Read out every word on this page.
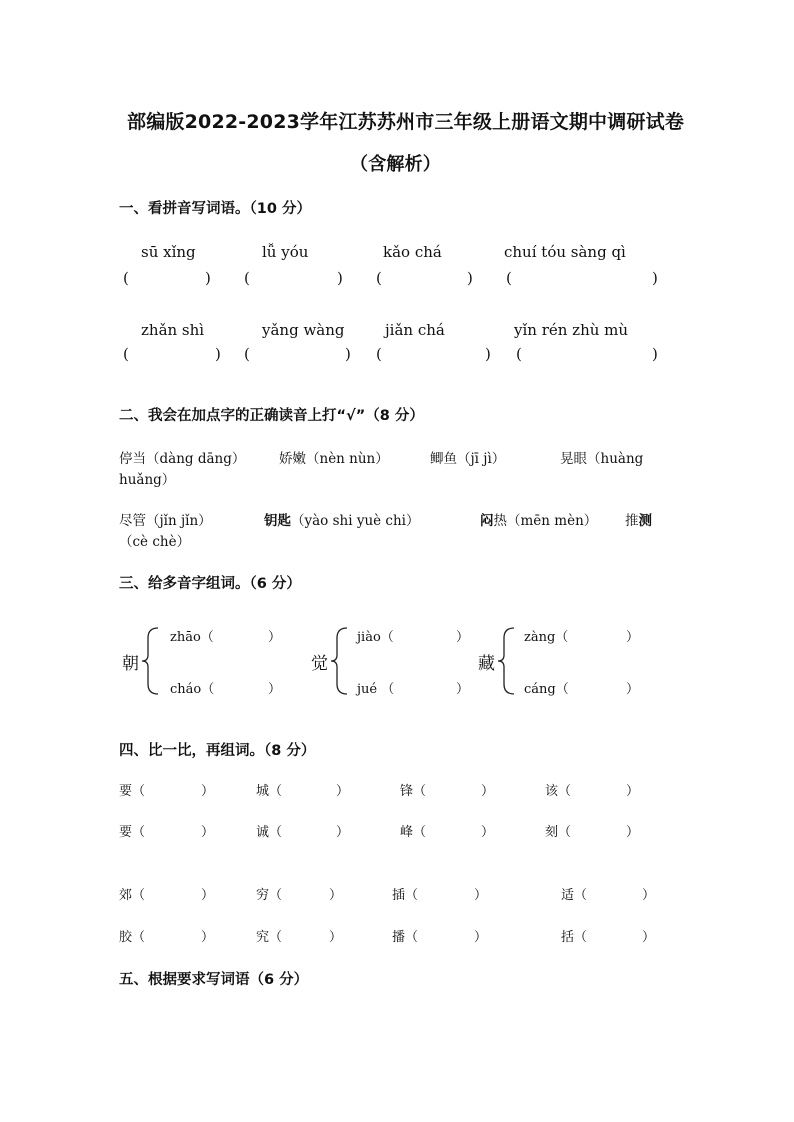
部编版2022-2023学年江苏苏州市三年级上册语文期中调研试卷
（含解析）
一、看拼音写词语。（10 分）
sū xǐng	lǚ yóu	kǎo chá	chuí tóu sàng qì
(	) (	) (	) (	)
zhǎn shì	yǎng wàng	jiǎn chá	yǐn rén zhù mù
(	) (	) (	) (	)
二、我会在加点字的正确读音上打“√”（8 分）
停当（dàng dāng） 娇嫩（nèn nùn）	鲫鱼（jī jì）	晃眼（huàng
huǎng）
尽管（jǐn jǐn）	钥匙（yào shi yuè chi）	闷热（mēn mèn） 推测
（cè chè）
三、给多音字组词。（6 分）
朝
zhāo（	）
cháo（	）
觉
jiào（	）
jué （	）
藏
zàng（	）
cáng（	）
四、比一比，再组词。（8 分）
要（	）	城（	）	锋（	）	该（	）
要（	）	诚（	）	峰（	）	刻（	）
郊（	）	穷（	）	插（	）	适（	）
胶（	）	究（	）	播（	）	括（	）
五、根据要求写词语（6 分）
